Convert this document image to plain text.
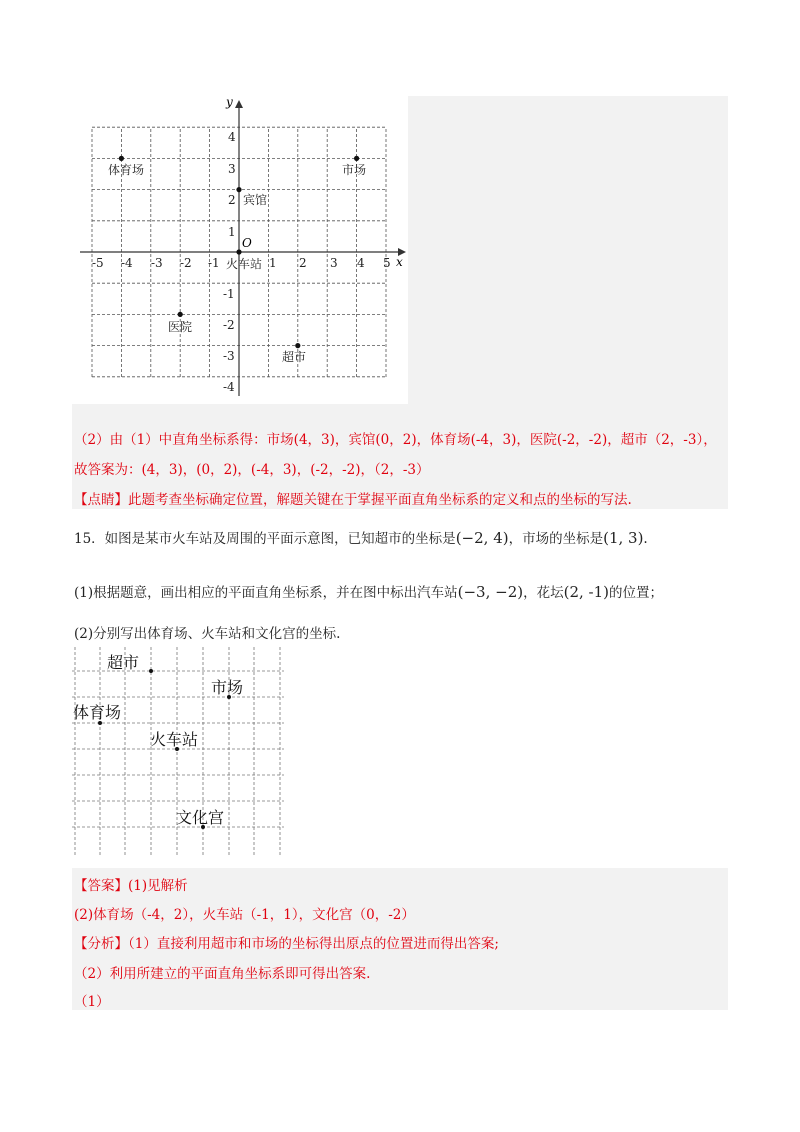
x
y
O
-5 -4 -3 -2 -1	1 2 3 4 5
4
3
2
1
-1
-2
-3
-4
体育场	市场
宾馆
火车站
医院
超市
（2）由（1）中直角坐标系得：市场(4，3)，宾馆(0，2)，体育场(-4，3)，医院(-2，-2)，超市（2，-3），
故答案为：(4，3)，(0，2)，(-4，3)，(-2，-2)，（2，-3）
【点睛】此题考查坐标确定位置，解题关键在于掌握平面直角坐标系的定义和点的坐标的写法.
15．如图是某市火车站及周围的平面示意图，已知超市的坐标是(−2, 4)，市场的坐标是(1, 3).
(1)根据题意，画出相应的平面直角坐标系，并在图中标出汽车站(−3, −2)，花坛(2, -1)的位置；
(2)分别写出体育场、火车站和文化宫的坐标.
超市
市场
体育场
火车站
文化宫
【答案】(1)见解析
(2)体育场（-4，2），火车站（-1，1），文化宫（0，-2）
【分析】（1）直接利用超市和市场的坐标得出原点的位置进而得出答案;
（2）利用所建立的平面直角坐标系即可得出答案.
（1）
